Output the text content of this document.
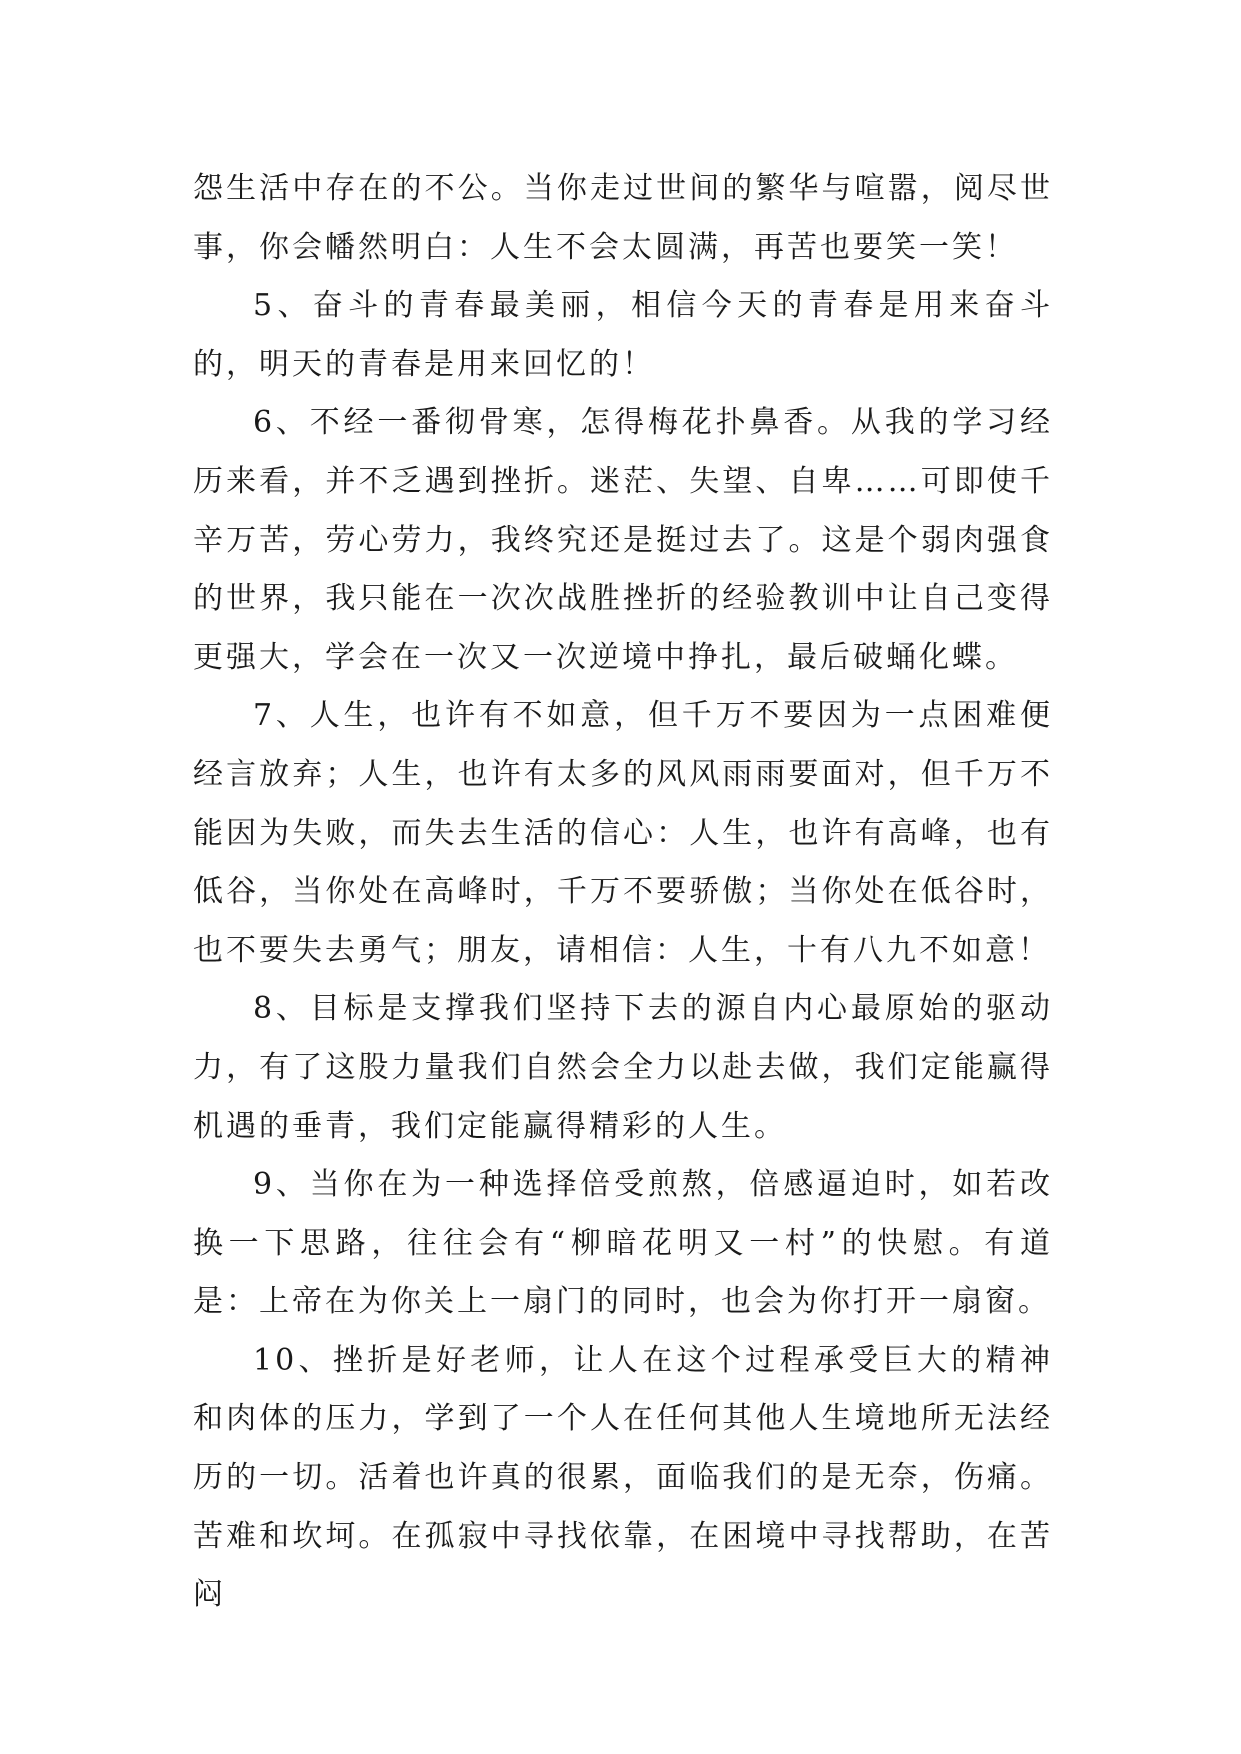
怨生活中存在的不公。当你走过世间的繁华与喧嚣，阅尽世事，你会幡然明白：人生不会太圆满，再苦也要笑一笑！

5、奋斗的青春最美丽，相信今天的青春是用来奋斗的，明天的青春是用来回忆的！

6、不经一番彻骨寒，怎得梅花扑鼻香。从我的学习经历来看，并不乏遇到挫折。迷茫、失望、自卑……可即使千辛万苦，劳心劳力，我终究还是挺过去了。这是个弱肉强食的世界，我只能在一次次战胜挫折的经验教训中让自己变得更强大，学会在一次又一次逆境中挣扎，最后破蛹化蝶。

7、人生，也许有不如意，但千万不要因为一点困难便经言放弃；人生，也许有太多的风风雨雨要面对，但千万不能因为失败，而失去生活的信心：人生，也许有高峰，也有低谷，当你处在高峰时，千万不要骄傲；当你处在低谷时，也不要失去勇气；朋友，请相信：人生，十有八九不如意！

8、目标是支撑我们坚持下去的源自内心最原始的驱动力，有了这股力量我们自然会全力以赴去做，我们定能赢得机遇的垂青，我们定能赢得精彩的人生。

9、当你在为一种选择倍受煎熬，倍感逼迫时，如若改换一下思路，往往会有“柳暗花明又一村”的快慰。有道是：上帝在为你关上一扇门的同时，也会为你打开一扇窗。

10、挫折是好老师，让人在这个过程承受巨大的精神和肉体的压力，学到了一个人在任何其他人生境地所无法经历的一切。活着也许真的很累，面临我们的是无奈，伤痛。苦难和坎坷。在孤寂中寻找依靠，在困境中寻找帮助，在苦闷
